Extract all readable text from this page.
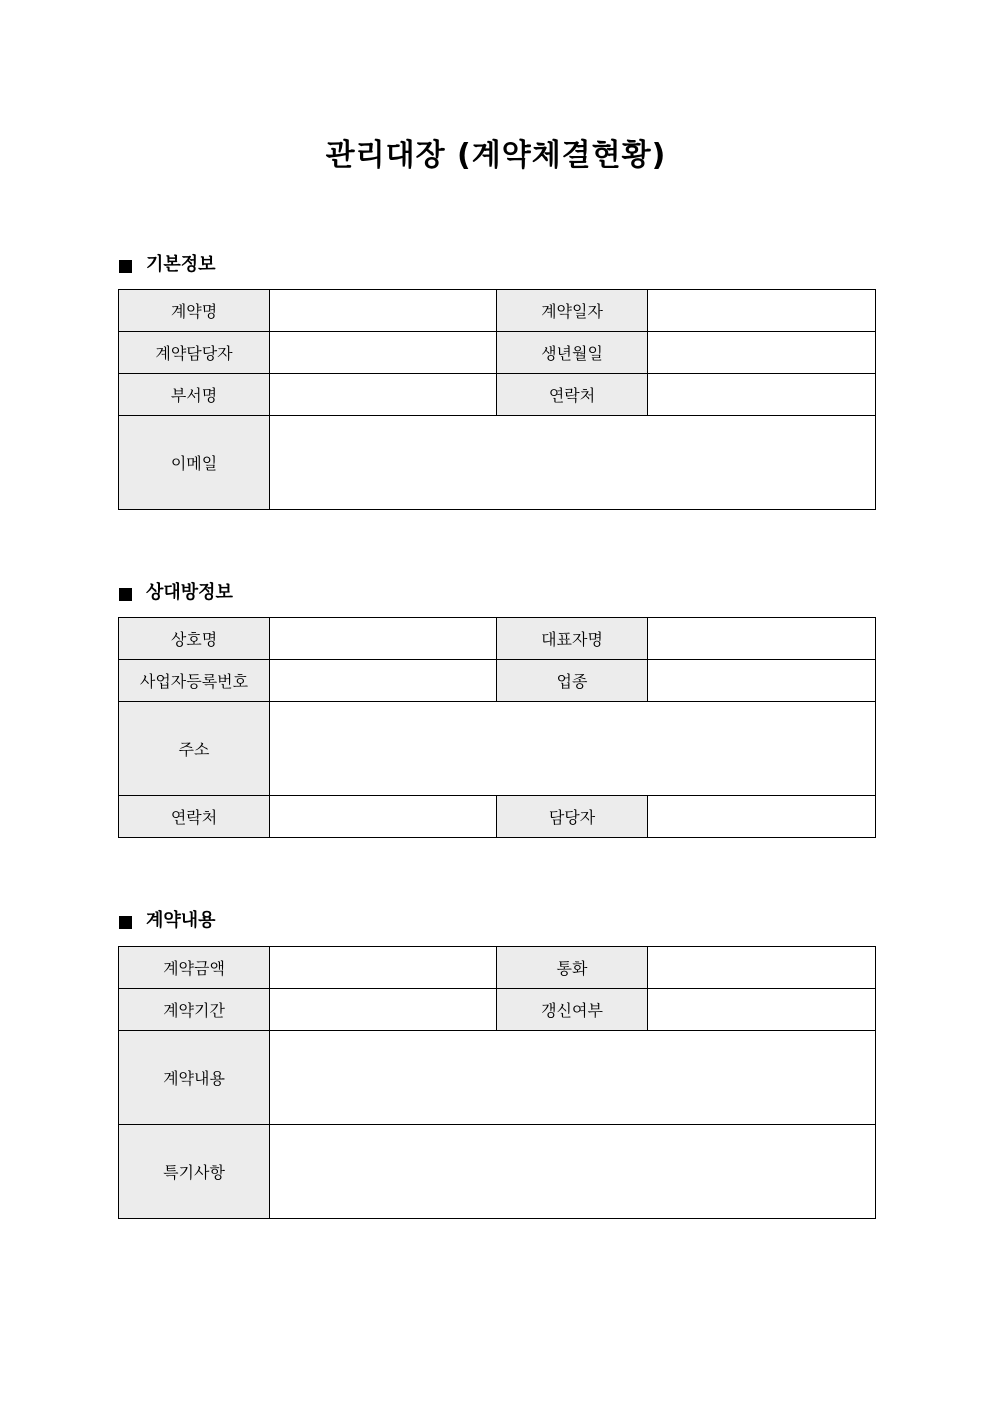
관리대장 (계약체결현황)
기본정보
계약명		계약일자	
계약담당자		생년월일	
부서명		연락처	
이메일			
상대방정보
상호명		대표자명	
사업자등록번호		업종	
주소			
연락처		담당자	
계약내용
계약금액		통화	
계약기간		갱신여부	
계약내용			
특기사항			
